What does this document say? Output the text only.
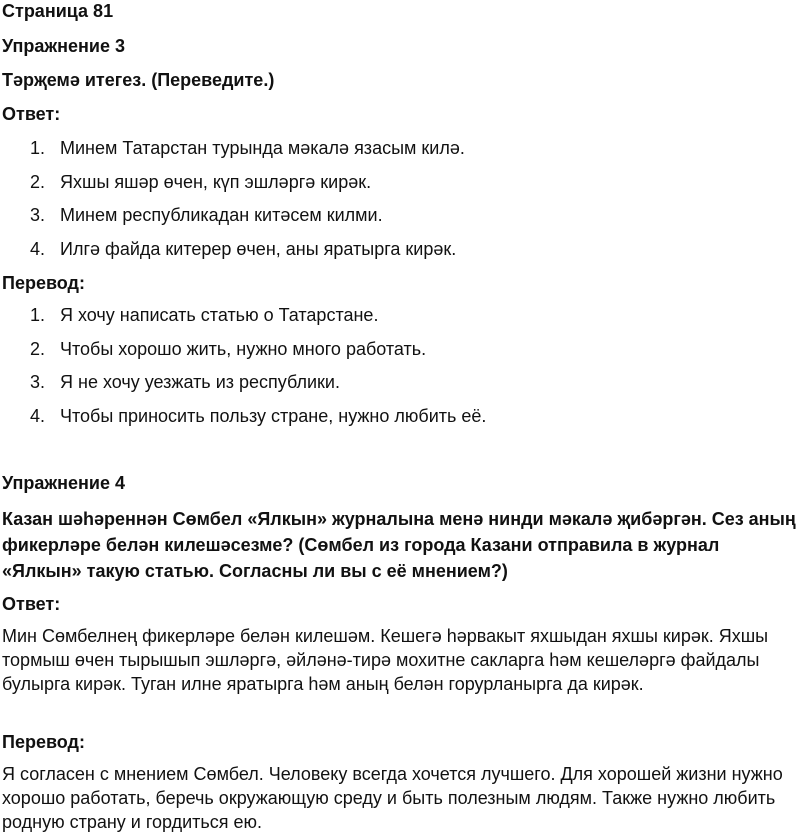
Страница 81
Упражнение 3
Тәрҗемә итегез. (Переведите.)
Ответ:
1. Минем Татарстан турында мәкалә язасым килә.
2. Яхшы яшәр өчен, күп эшләргә кирәк.
3. Минем республикадан китәсем килми.
4. Илгә файда китерер өчен, аны яратырга кирәк.
Перевод:
1. Я хочу написать статью о Татарстане.
2. Чтобы хорошо жить, нужно много работать.
3. Я не хочу уезжать из республики.
4. Чтобы приносить пользу стране, нужно любить её.
Упражнение 4

Казан шәһәреннән Сөмбел «Ялкын» журналына менә нинди мәкалә җибәргән. Сез аның фикерләре белән килешәсезме? (Сөмбел из города Казани отправила в журнал «Ялкын» такую статью. Согласны ли вы с её мнением?)

Ответ:

Мин Сөмбелнең фикерләре белән килешәм. Кешегә һәрвакыт яхшыдан яхшы кирәк. Яхшы тормыш өчен тырышып эшләргә, әйләнә-тирә мохитне сакларга һәм кешеләргә файдалы булырга кирәк. Туган илне яратырга һәм аның белән горурланырга да кирәк.

Перевод:

Я согласен с мнением Сөмбел. Человеку всегда хочется лучшего. Для хорошей жизни нужно хорошо работать, беречь окружающую среду и быть полезным людям. Также нужно любить родную страну и гордиться ею.
